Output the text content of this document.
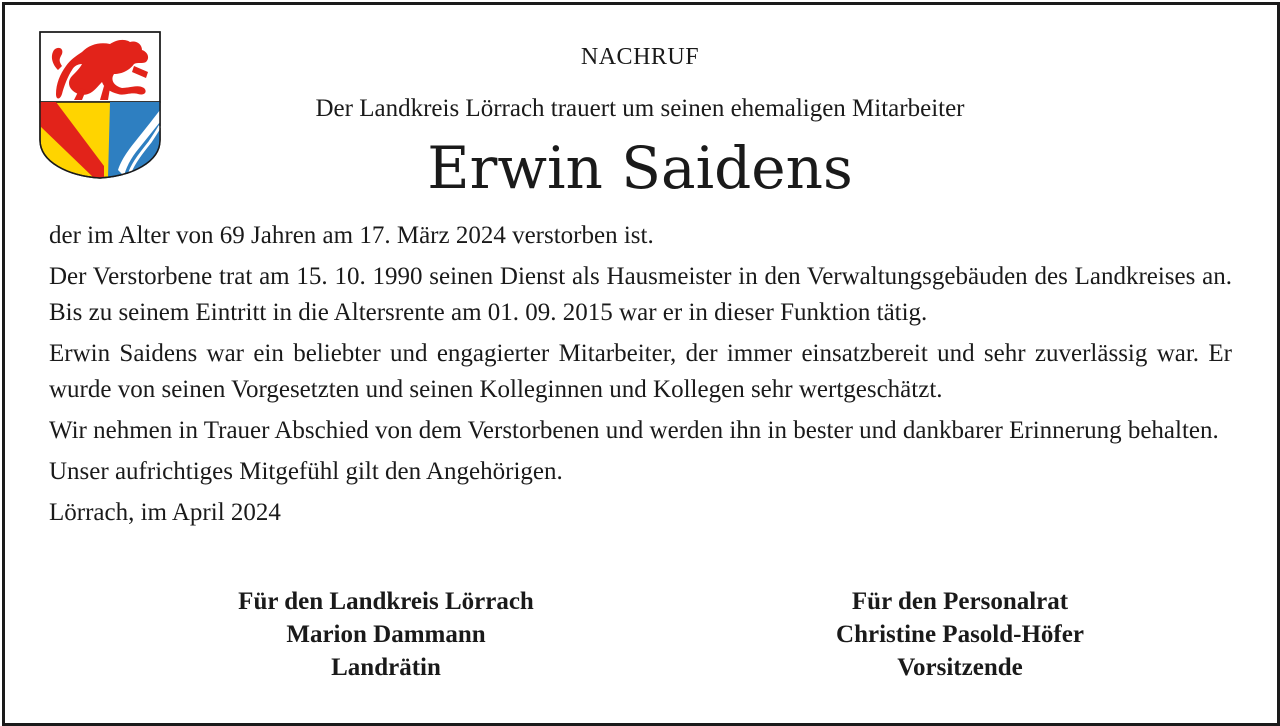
NACHRUF
Der Landkreis Lörrach trauert um seinen ehemaligen Mitarbeiter
Erwin Saidens

der im Alter von 69 Jahren am 17. März 2024 verstorben ist.

Der Verstorbene trat am 15. 10. 1990 seinen Dienst als Hausmeister in den Verwaltungsgebäuden des Landkreises an. Bis zu seinem Eintritt in die Altersrente am 01. 09. 2015 war er in dieser Funktion tätig.

Erwin Saidens war ein beliebter und engagierter Mitarbeiter, der immer einsatzbereit und sehr zuverlässig war. Er wurde von seinen Vorgesetzten und seinen Kolleginnen und Kollegen sehr wertgeschätzt.

Wir nehmen in Trauer Abschied von dem Verstorbenen und werden ihn in bester und dankbarer Erinnerung behalten.

Unser aufrichtiges Mitgefühl gilt den Angehörigen.

Lörrach, im April 2024

Für den Landkreis Lörrach
Marion Dammann
Landrätin
Für den Personalrat
Christine Pasold-Höfer
Vorsitzende
